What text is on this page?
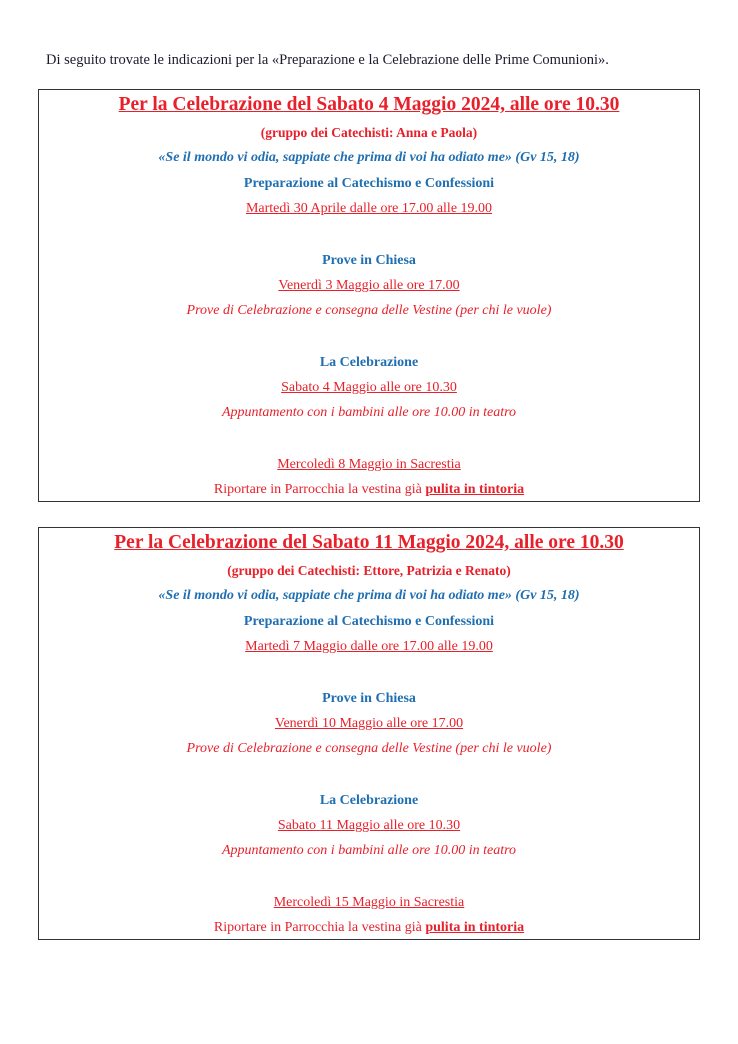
Di seguito trovate le indicazioni per la «Preparazione e la Celebrazione delle Prime Comunioni».
Per la Celebrazione del Sabato 4 Maggio 2024, alle ore 10.30
(gruppo dei Catechisti: Anna e Paola)
«Se il mondo vi odia, sappiate che prima di voi ha odiato me» (Gv 15, 18)
Preparazione al Catechismo e Confessioni
Martedì 30 Aprile dalle ore 17.00 alle 19.00
Prove in Chiesa
Venerdì 3 Maggio alle ore 17.00
Prove di Celebrazione e consegna delle Vestine (per chi le vuole)
La Celebrazione
Sabato 4 Maggio alle ore 10.30
Appuntamento con i bambini alle ore 10.00 in teatro
Mercoledì 8 Maggio in Sacrestia
Riportare in Parrocchia la vestina già pulita in tintoria
Per la Celebrazione del Sabato 11 Maggio 2024, alle ore 10.30
(gruppo dei Catechisti: Ettore, Patrizia e Renato)
«Se il mondo vi odia, sappiate che prima di voi ha odiato me» (Gv 15, 18)
Preparazione al Catechismo e Confessioni
Martedì 7 Maggio dalle ore 17.00 alle 19.00
Prove in Chiesa
Venerdì 10 Maggio alle ore 17.00
Prove di Celebrazione e consegna delle Vestine (per chi le vuole)
La Celebrazione
Sabato 11 Maggio alle ore 10.30
Appuntamento con i bambini alle ore 10.00 in teatro
Mercoledì 15 Maggio in Sacrestia
Riportare in Parrocchia la vestina già pulita in tintoria
